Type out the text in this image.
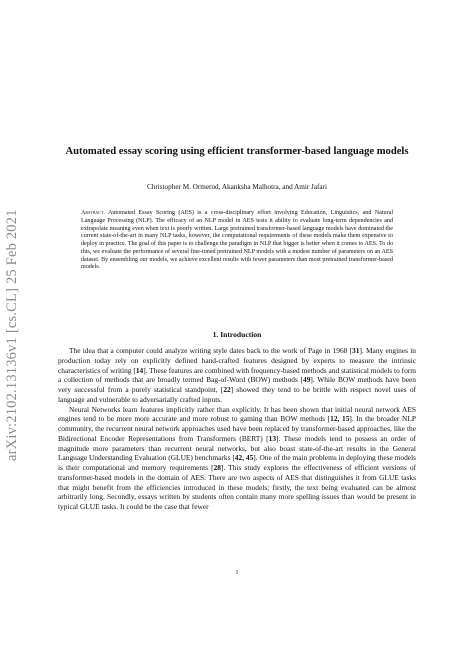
arXiv:2102.13136v1 [cs.CL] 25 Feb 2021
Automated essay scoring using efficient transformer-based language models
Christopher M. Ormerod, Akanksha Malhotra, and Amir Jafari
Abstract. Automated Essay Scoring (AES) is a cross-disciplinary effort involving Education, Linguistics, and Natural Language Processing (NLP). The efficacy of an NLP model in AES tests it ability to evaluate long-term dependencies and extrapolate meaning even when text is poorly written. Large pretrained transformer-based language models have dominated the current state-of-the-art in many NLP tasks, however, the computational requirements of these models make them expensive to deploy in practice. The goal of this paper is to challenge the paradigm in NLP that bigger is better when it comes to AES. To do this, we evaluate the performance of several fine-tuned pretrained NLP models with a modest number of parameters on an AES dataset. By ensembling our models, we achieve excellent results with fewer parameters than most pretrained transformer-based models.
1. Introduction

The idea that a computer could analyze writing style dates back to the work of Page in 1968 [31]. Many engines in production today rely on explicitly defined hand-crafted features designed by experts to measure the intrinsic characteristics of writing [14]. These features are combined with frequency-based methods and statistical models to form a collection of methods that are broadly termed Bag-of-Word (BOW) methods [49]. While BOW methods have been very successful from a purely statistical standpoint, [22] showed they tend to be brittle with respect novel uses of language and vulnerable to adversarially crafted inputs.

Neural Networks learn features implicitly rather than explicitly. It has been shown that initial neural network AES engines tend to be more more accurate and more robust to gaming than BOW methods [12, 15]. In the broader NLP community, the recurrent neural network approaches used have been replaced by transformer-based approaches, like the Bidirectional Encoder Representations from Transformers (BERT) [13]. These models tend to possess an order of magnitude more parameters than recurrent neural networks, but also boast state-of-the-art results in the General Language Understanding Evaluation (GLUE) benchmarks [42, 45]. One of the main problems in deploying these models is their computational and memory requirements [28]. This study explores the effectiveness of efficient versions of transformer-based models in the domain of AES. There are two aspects of AES that distinguishes it from GLUE tasks that might benefit from the efficiencies introduced in these models; firstly, the text being evaluated can be almost arbitrarily long. Secondly, essays written by students often contain many more spelling issues than would be present in typical GLUE tasks. It could be the case that fewer

1
